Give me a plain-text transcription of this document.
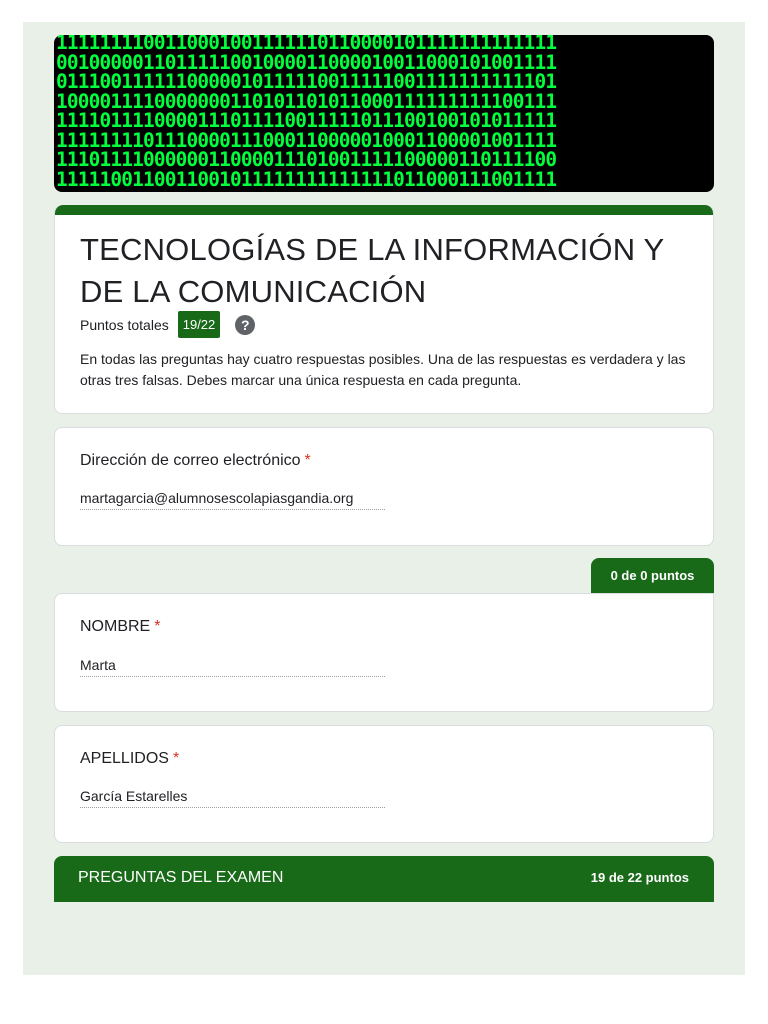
1111111100110001001111110110000101111111111111
0010000011011111001000011000010011000101001111
0111001111110000010111110011111001111111111101
1000011110000000110101101011000111111111100111
1111011110000111011110011111011100100101011111
1111111101110000111000110000010001100001001111
1110111100000011000011101001111100000110111100
1111100110011001011111111111111011000111001111
TECNOLOGÍAS DE LA INFORMACIÓN Y DE LA COMUNICACIÓN
Puntos totales	19/22	?
En todas las preguntas hay cuatro respuestas posibles. Una de las respuestas es verdadera y las otras tres falsas. Debes marcar una única respuesta en cada pregunta.
Dirección de correo electrónico *
martagarcia@alumnosescolapiasgandia.org
0 de 0 puntos
NOMBRE *
Marta
APELLIDOS *
García Estarelles
PREGUNTAS DEL EXAMEN	19 de 22 puntos
